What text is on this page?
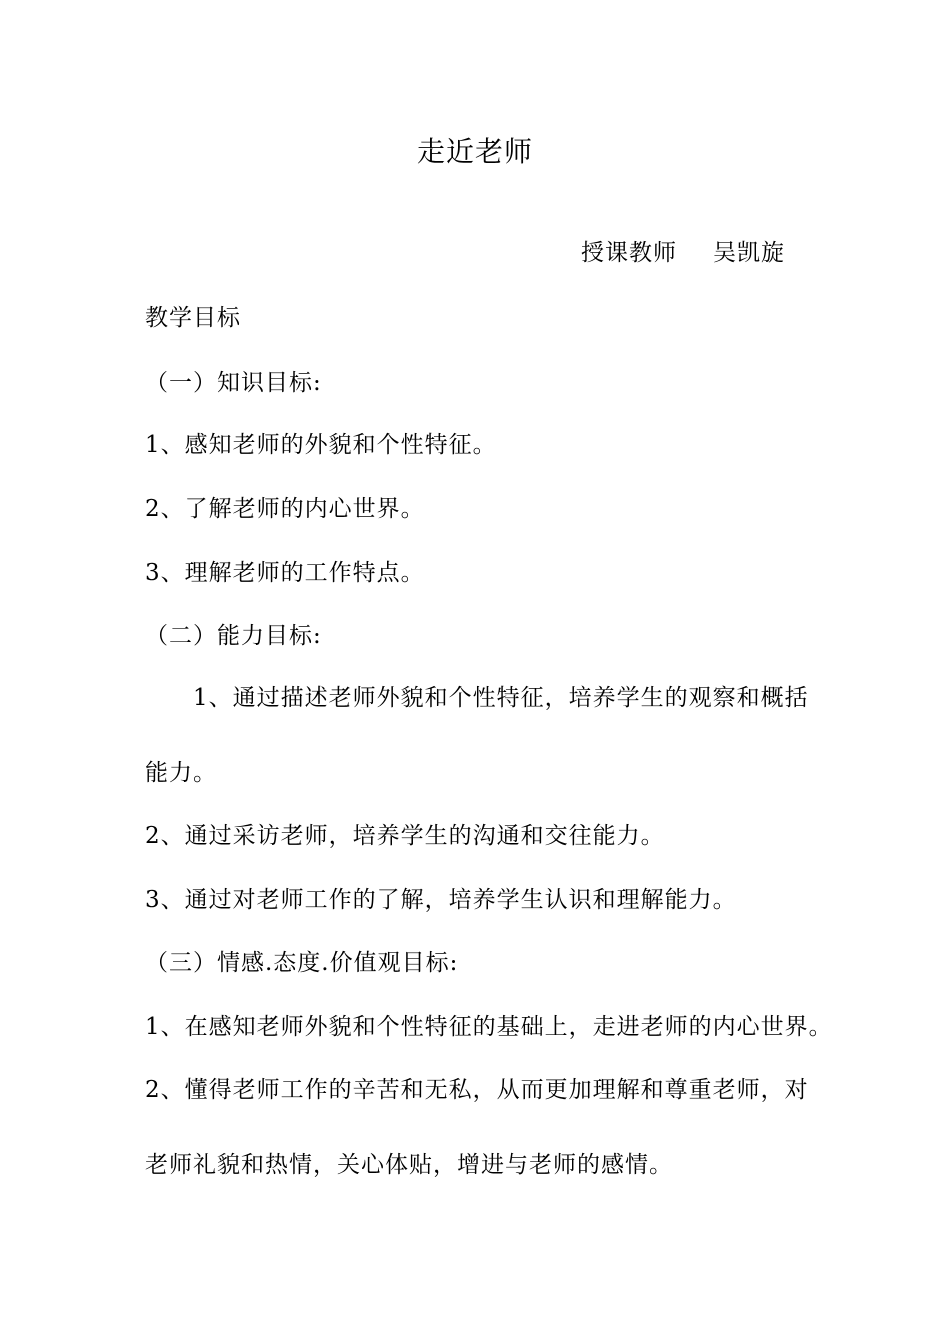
走近老师
授课教师 吴凯旋
教学目标
（一）知识目标:
1、感知老师的外貌和个性特征。
2、了解老师的内心世界。
3、理解老师的工作特点。
（二）能力目标:
1、通过描述老师外貌和个性特征，培养学生的观察和概括
能力。
2、通过采访老师，培养学生的沟通和交往能力。
3、通过对老师工作的了解，培养学生认识和理解能力。
（三）情感.态度.价值观目标:
1、在感知老师外貌和个性特征的基础上，走进老师的内心世界。
2、懂得老师工作的辛苦和无私，从而更加理解和尊重老师，对
老师礼貌和热情，关心体贴，增进与老师的感情。
